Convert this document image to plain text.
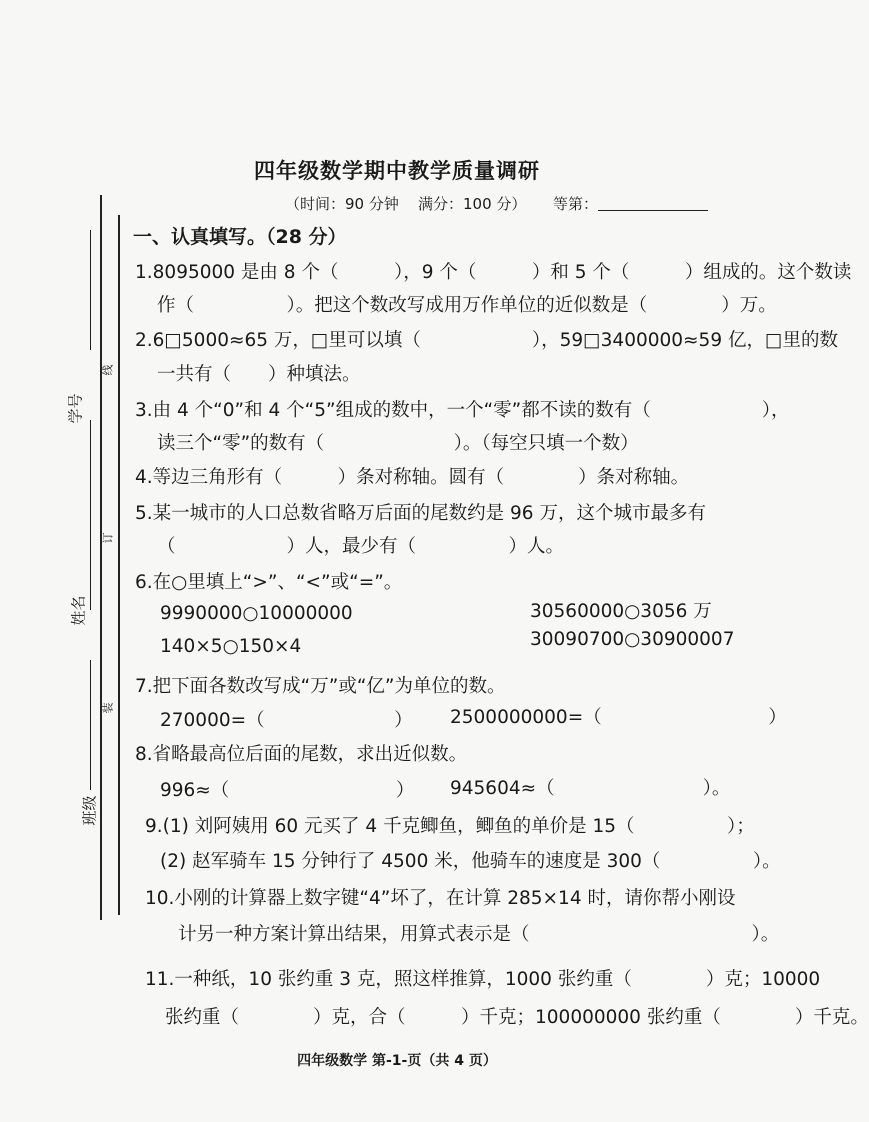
学号
姓名
班级
线
订
装
四年级数学期中教学质量调研
（时间：90 分钟 满分：100 分） 等第：
一、认真填写。（28 分）
1.8095000 是由 8 个（　　　），9 个（　　　）和 5 个（　　　）组成的。这个数读
作（　　　　　）。把这个数改写成用万作单位的近似数是（　　　　）万。
2.6□5000≈65 万，□里可以填（　　　　　　），59□3400000≈59 亿，□里的数
一共有（　　）种填法。
3.由 4 个“0”和 4 个“5”组成的数中，一个“零”都不读的数有（　　　　　　），
读三个“零”的数有（　　　　　　　）。（每空只填一个数）
4.等边三角形有（　　　）条对称轴。圆有（　　　　）条对称轴。
5.某一城市的人口总数省略万后面的尾数约是 96 万，这个城市最多有
（　　　　　　）人，最少有（　　　　　）人。
6.在○里填上“>”、“<”或“=”。
9990000○10000000	30560000○3056 万
140×5○150×4	30090700○30900007
7.把下面各数改写成“万”或“亿”为单位的数。
270000=（　　　　　　　） 2500000000=（　　　　　　　　　）
8.省略最高位后面的尾数，求出近似数。
996≈（　　　　　　　　　） 945604≈（　　　　　　　　）。
9.(1) 刘阿姨用 60 元买了 4 千克鲫鱼，鲫鱼的单价是 15（　　　　　）；
(2) 赵军骑车 15 分钟行了 4500 米，他骑车的速度是 300（　　　　　）。
10.小刚的计算器上数字键“4”坏了，在计算 285×14 时，请你帮小刚设
计另一种方案计算出结果，用算式表示是（　　　　　　　　　　　　）。
11.一种纸，10 张约重 3 克，照这样推算，1000 张约重（　　　　）克；10000
张约重（　　　　）克，合（　　　）千克；100000000 张约重（　　　　）千克。
四年级数学 第-1-页（共 4 页）
